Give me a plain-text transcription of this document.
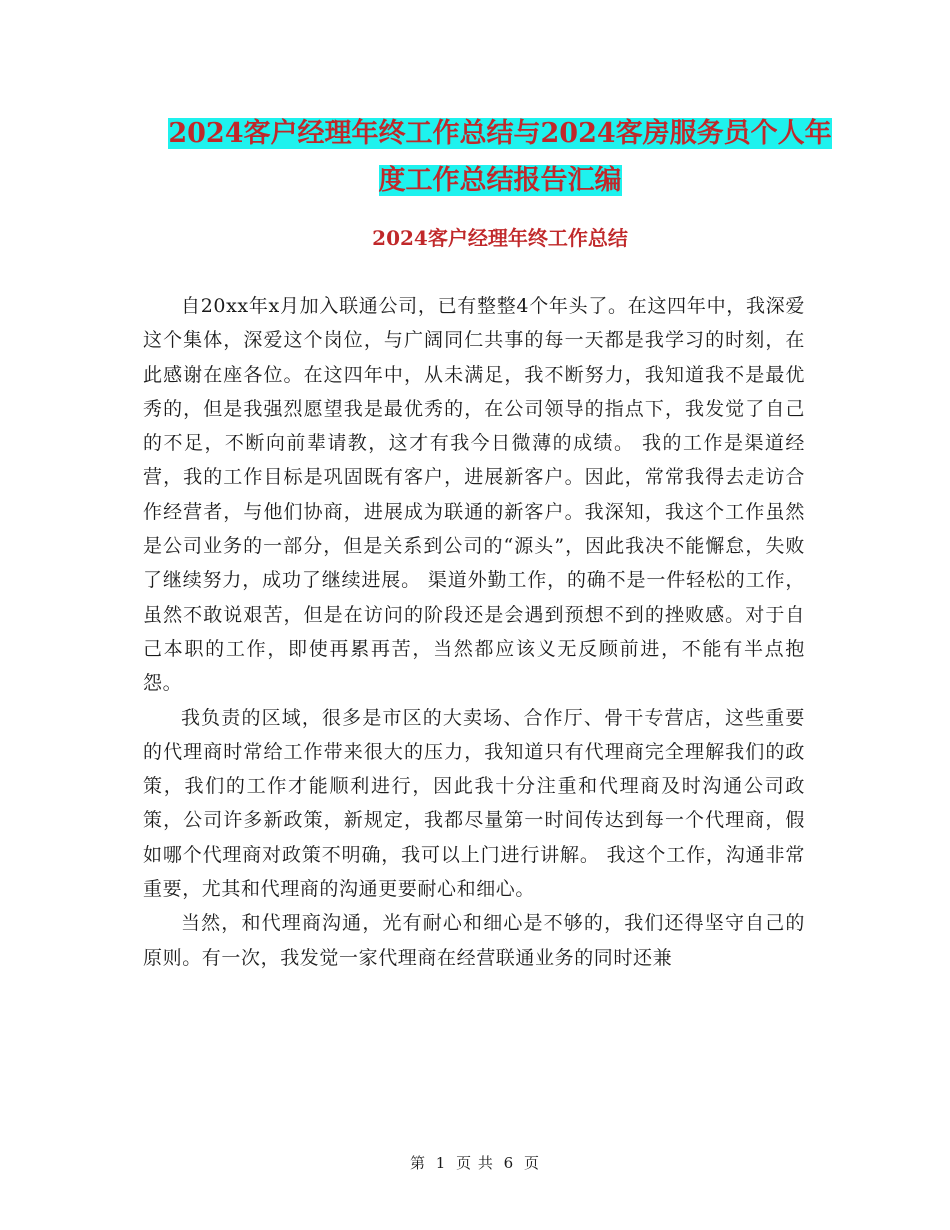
2024客户经理年终工作总结与2024客房服务员个人年
度工作总结报告汇编
2024客户经理年终工作总结

自20xx年x月加入联通公司，已有整整4个年头了。在这四年中，我深爱这个集体，深爱这个岗位，与广阔同仁共事的每一天都是我学习的时刻，在此感谢在座各位。在这四年中，从未满足，我不断努力，我知道我不是最优秀的，但是我强烈愿望我是最优秀的，在公司领导的指点下，我发觉了自己的不足，不断向前辈请教，这才有我今日微薄的成绩。 我的工作是渠道经营，我的工作目标是巩固既有客户，进展新客户。因此，常常我得去走访合作经营者，与他们协商，进展成为联通的新客户。我深知，我这个工作虽然是公司业务的一部分，但是关系到公司的“源头”，因此我决不能懈怠，失败了继续努力，成功了继续进展。 渠道外勤工作，的确不是一件轻松的工作，虽然不敢说艰苦，但是在访问的阶段还是会遇到预想不到的挫败感。对于自己本职的工作，即使再累再苦，当然都应该义无反顾前进，不能有半点抱怨。

我负责的区域，很多是市区的大卖场、合作厅、骨干专营店，这些重要的代理商时常给工作带来很大的压力，我知道只有代理商完全理解我们的政策，我们的工作才能顺利进行，因此我十分注重和代理商及时沟通公司政策，公司许多新政策，新规定，我都尽量第一时间传达到每一个代理商，假如哪个代理商对政策不明确，我可以上门进行讲解。 我这个工作，沟通非常重要，尤其和代理商的沟通更要耐心和细心。

当然，和代理商沟通，光有耐心和细心是不够的，我们还得坚守自己的原则。有一次，我发觉一家代理商在经营联通业务的同时还兼

第 1 页 共 6 页
